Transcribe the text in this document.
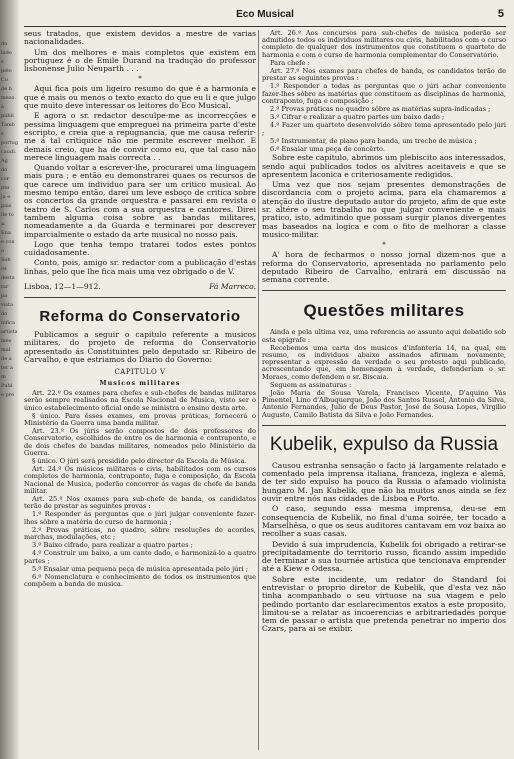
do lado s pelo Co de h mezo. à publi Tamb s portug caudi. Ag do cor nto ju o pais lle to a. Ena e con o Sob os desta tar pa vista do nifica artista mes mal de a ter a m Publ e pre
Eco Musical	5

seus tratados, que existem devidos a mestre de varias nacionalidades.

Um dos melhores e mais completos que existem em portuguez é o de Emile Durand na tradução do professor lisbonense Julio Neuparth . . .

*

Aqui fica pois um ligeiro resumo do que é a harmonia e que é mais ou menos o texto exacto do que eu li e que julgo que muito deve interessar os leitores do Eco Musical.

E agora o sr. redactor desculpe-me as incorrecções e pessima linguagem que empreguei na primeira parte d'este escripto, e creia que a repugnancia, que me causa referir-me á tal critiquice não me permite escrever melhor. E demais creio, que ha de convir como eu, que tal caso não merece linguagem mais correcta . .

Quando voltar a escrever-lhe, procurarei uma linguagem mais pura ; e então eu demonstrarei quaes os recursos de que carece um individuo para ser um critico musical. Ao mesmo tempo então, darei um leve esboço de critica sobre os concertos da grande orquestra e passarei em revista o teatro de S. Carlos com a sua orquestra e cantores. Direi tambem alguma coisa sobre as bandas militares, nomeadamente a da Guarda e terminarei por descrever imparcialmente o estado da arte musical no nosso pais.

Logo que tenha tempo tratarei todos estes pontos cuidadosamente.

Conto, pois, amigo sr. redactor com a publicação d'estas linhas, pelo que lhe fica mais uma vez obrigado o de V.

Lisboa, 12—1—912.	Fá Marreco.
Reforma do Conservatorio

Publicamos a seguir o capitulo referente a musicos militares, do projeto de reforma do Conservatorio apresentado ás Constituintes pelo deputado sr. Ribeiro de Carvalho, e que estriamos do Diario do Governo:

CAPITULO V
Musicos militares

Art. 22.º Os exames para chefes e sub-chefes de bandas militares serão sempre realisados na Escola Nacional de Musica, visto ser o único estabelecimento oficial onde se ministra o ensino desta arte.

§ único. Para êsses exames, em provas práticas, fornecerá o Ministério da Guerra uma banda militar.

Art. 23.º Os júris serão compostos de dois professores do Conservatorio, escolhidos de entre os de harmonia e contraponto, e de dois chefes de bandas militares, nomeados pelo Ministério da Guerra.

§ único. O júri será presidido pelo director da Escola de Música.

Art. 24.º Os músicos militares e civis, habilitados com os cursos completos de harmonia, contraponto, fuga e composição, da Escola Nacional de Musica, poderão concorrer ás vagas de chefe de banda militar.

Art. 25.º Nos exames para sub-chefe de banda, os candidatos terão de prestar as seguintes provas :

1.º Responder ás perguntas que o júri julgar conveniente fazer-lhes sôbre a matéria do curso de harmonia ;

2.º Provas práticas, no quadro, sôbre resoluções de acordes, marchas, modulações, etc ;

3.º Baixo cifrado, para realizar a quatro partes ;

4.º Construir um baixo, a um canto dado, e harmonizá-lo a quatro partes ;

5.º Ensaiar uma pequena peça de música apresentada pelo júri ;

6.º Nomenclatura e conhecimento de todos os instrumentos que compõem a banda de música.

Art. 26.º Aos concursos para sub-chefes de música poderão ser admitidos todos os individuos militares ou civis, habilitados com o curso completo de qualquer dos instrumentos que constituem o quarteto de harmonia e com o curso de harmonia complementar do Conservatório.

Para chefe :

Art. 27.º Nos exames para chefes de banda, os candidatos terão de prestar as seguintes provas :

1.º Responder a todas as perguntas que o júri achar conveniente fazer-lhes sôbre as matérias que constituem as disciplinas de harmonia, contraponto, fuga e composição ;

2.º Provas práticas no quadro sôbre as matérias supra-indicadas ;

3.º Cifrar e realizar a quatro partes um baixo dado ;

4.º Fazer um quarteto desenvolvido sôbre tema apresentado pelo júri ;

5.º Instrumentar, de piano para banda, um trecho de música ;

6.º Ensaiar uma peça de concêrto.

Sobre este capitulo, abrimos um plebiscito aos interessados, sendo aqui publicados todos os alvitres aceitaveis e que se apresentem laconica e criteriosamente redigidos.

Uma vez que nos sejam presentes demonstrações de discordancia com o projeto acima, para ela chamaremos a atenção do ilustre deputado autor do projeto, afim de que este sr. altére o seu trabalho no que julgar conveniente e mais pratico, isto, admitindo que possam surgir planos divergentes mas baseados na logica e com o fito de melhorar a classe musico-militar.

*

A' hora de fecharmos o nosso jornal dizem-nos que a reforma do Conservatorio, apresentada no parlamento pelo deputado Ribeiro de Carvalho, entrará em discussão na semana corrente.

Questões militares

Ainda e pela ultima vez, uma referencia ao assunto aqui debatido sob esta epigrafe :

Recebemos uma carta dos musicos d'infanteria 14, na qual, em resumo, os individuos abaixo assinados afirmam novamente, representar a expressão da verdade o seu protesto aqui publicado, acrescentando que, em homenagem á verdade, defenderiam o sr. Moraes, como defendem o sr. Biscaia.

Seguem as assinaturas :

João Maria de Sousa Varela, Francisco Vicente, D'aquino Vás Pimentel, Lino d'Albuquerque, João dos Santos Russel, Antonio da Silva, Antonio Fernandes, Julio de Deus Pastor, José de Sousa Lopes, Virgilio Augusto, Camilo Batista da Silva e João Fernandes.

Kubelik, expulso da Russia

Causou estranha sensação o facto já largamente relatado e comentado pela imprensa italiana, franceza, ingleza e alemã, de ter sido expulso ha pouco da Russia o afamado violinista hungaro M. Jan Kubelik, que não ha muitos anos ainda se fez ouvir entre nós nas cidades de Lisboa e Porto.

O caso, segundo essa mesma imprensa, deu-se em consequencia de Kubelik, no final d'uma soirée, ter tocado a Marselhêsa, o que os seus auditores cantavam em voz baixa ao recolher a suas casas.

Devido á sua imprudencia, Kubelik foi obrigado a retirar-se precipitadamente do territorio russo, ficando assim impedido de terminar a sua tournée artistica que tencionava emprender até a Kiew e Odessa.

Sobre este incidente, um redator do Standard foi entrevistar o proprio diretor de Kubelik, que d'esta vez não tinha acompanhado o seu virtuose na sua viagem e pelo pedindo portanto dar esclarecimentos exatos a este proposito, limitou-se a relatar as incoerencias e arbitrariedades porque tem de passar o artista que pretenda penetrar no imperio dos Czars, para ai se exibir.
